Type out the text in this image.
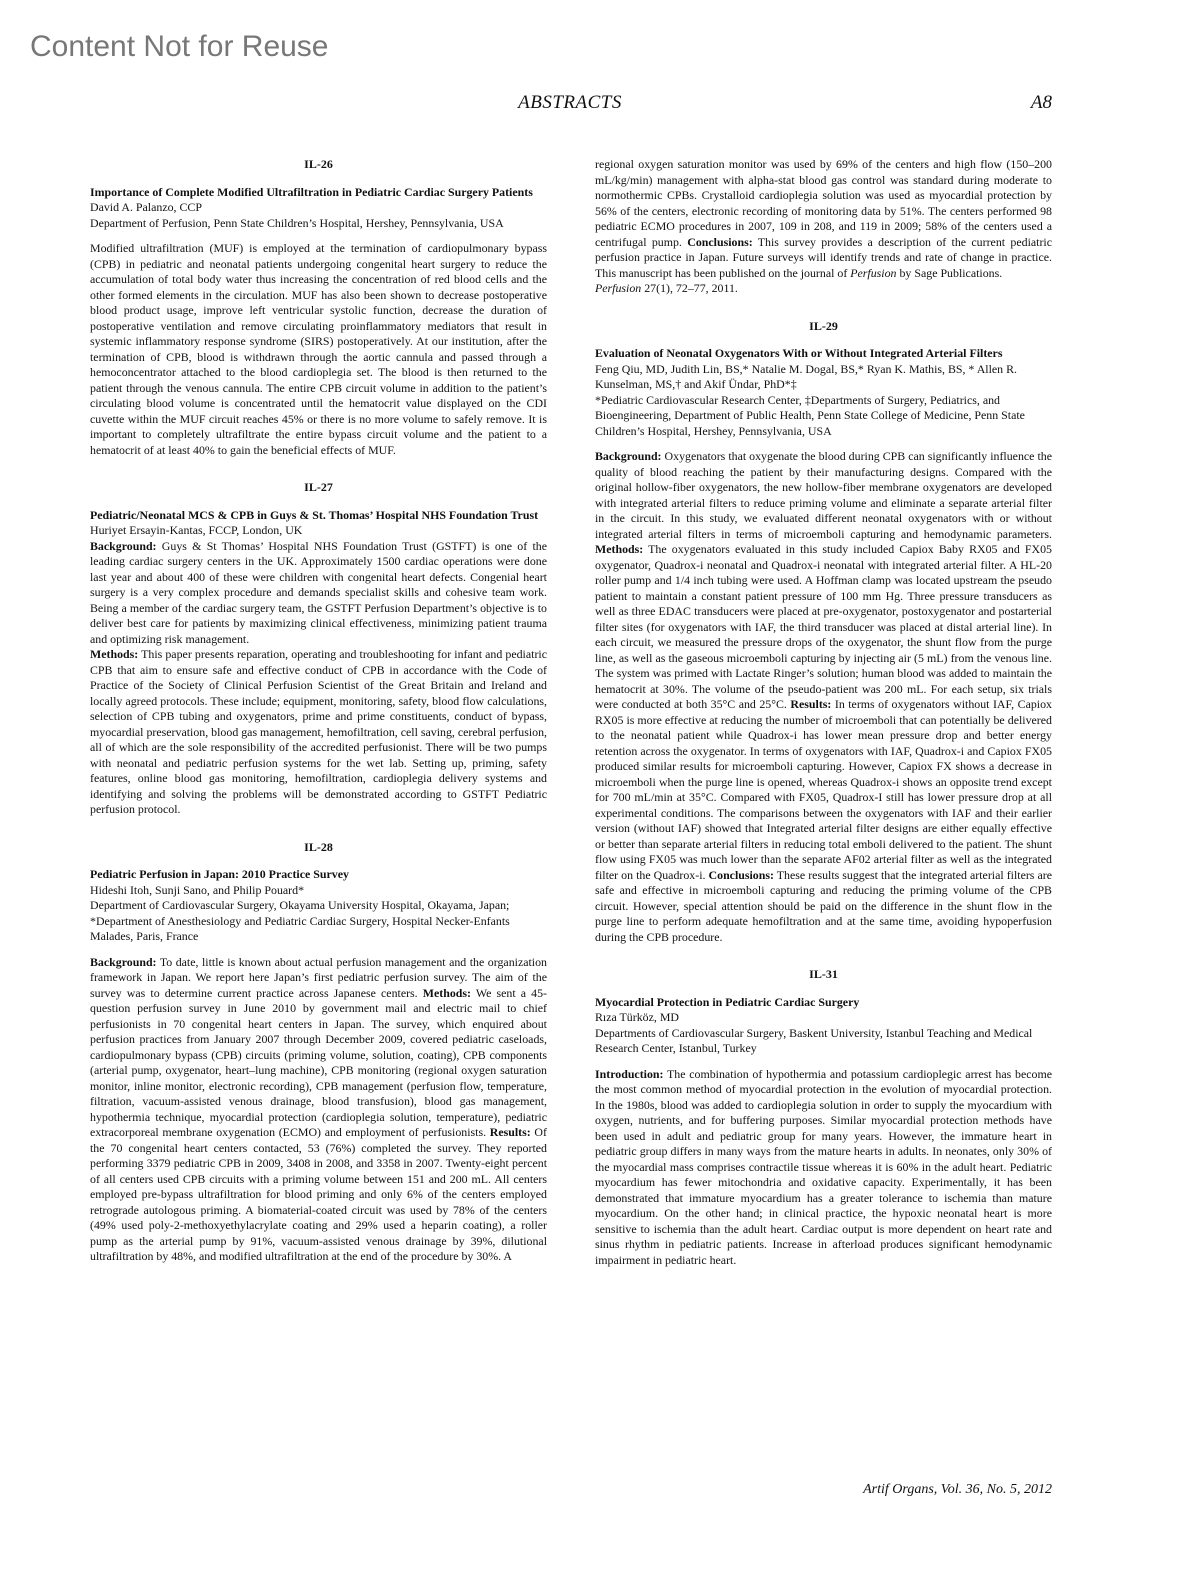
Content Not for Reuse
ABSTRACTS	A8

IL-26

Importance of Complete Modified Ultrafiltration in Pediatric Cardiac Surgery Patients

David A. Palanzo, CCP

Department of Perfusion, Penn State Children’s Hospital, Hershey, Pennsylvania, USA

Modified ultrafiltration (MUF) is employed at the termination of cardiopulmonary bypass (CPB) in pediatric and neonatal patients undergoing congenital heart surgery to reduce the accumulation of total body water thus increasing the concentration of red blood cells and the other formed elements in the circulation. MUF has also been shown to decrease postoperative blood product usage, improve left ventricular systolic function, decrease the duration of postoperative ventilation and remove circulating proinflammatory mediators that result in systemic inflammatory response syndrome (SIRS) postoperatively. At our institution, after the termination of CPB, blood is withdrawn through the aortic cannula and passed through a hemoconcentrator attached to the blood cardioplegia set. The blood is then returned to the patient through the venous cannula. The entire CPB circuit volume in addition to the patient’s circulating blood volume is concentrated until the hematocrit value displayed on the CDI cuvette within the MUF circuit reaches 45% or there is no more volume to safely remove. It is important to completely ultrafiltrate the entire bypass circuit volume and the patient to a hematocrit of at least 40% to gain the beneficial effects of MUF.

IL-27

Pediatric/Neonatal MCS & CPB in Guys & St. Thomas’ Hospital NHS Foundation Trust

Huriyet Ersayin-Kantas, FCCP, London, UK

Background: Guys & St Thomas’ Hospital NHS Foundation Trust (GSTFT) is one of the leading cardiac surgery centers in the UK. Approximately 1500 cardiac operations were done last year and about 400 of these were children with congenital heart defects. Congenial heart surgery is a very complex procedure and demands specialist skills and cohesive team work. Being a member of the cardiac surgery team, the GSTFT Perfusion Department’s objective is to deliver best care for patients by maximizing clinical effectiveness, minimizing patient trauma and optimizing risk management.

Methods: This paper presents reparation, operating and troubleshooting for infant and pediatric CPB that aim to ensure safe and effective conduct of CPB in accordance with the Code of Practice of the Society of Clinical Perfusion Scientist of the Great Britain and Ireland and locally agreed protocols. These include; equipment, monitoring, safety, blood flow calculations, selection of CPB tubing and oxygenators, prime and prime constituents, conduct of bypass, myocardial preservation, blood gas management, hemofiltration, cell saving, cerebral perfusion, all of which are the sole responsibility of the accredited perfusionist. There will be two pumps with neonatal and pediatric perfusion systems for the wet lab. Setting up, priming, safety features, online blood gas monitoring, hemofiltration, cardioplegia delivery systems and identifying and solving the problems will be demonstrated according to GSTFT Pediatric perfusion protocol.

IL-28

Pediatric Perfusion in Japan: 2010 Practice Survey

Hideshi Itoh, Sunji Sano, and Philip Pouard*

Department of Cardiovascular Surgery, Okayama University Hospital, Okayama, Japan; *Department of Anesthesiology and Pediatric Cardiac Surgery, Hospital Necker-Enfants Malades, Paris, France

Background: To date, little is known about actual perfusion management and the organization framework in Japan. We report here Japan’s first pediatric perfusion survey. The aim of the survey was to determine current practice across Japanese centers. Methods: We sent a 45-question perfusion survey in June 2010 by government mail and electric mail to chief perfusionists in 70 congenital heart centers in Japan. The survey, which enquired about perfusion practices from January 2007 through December 2009, covered pediatric caseloads, cardiopulmonary bypass (CPB) circuits (priming volume, solution, coating), CPB components (arterial pump, oxygenator, heart–lung machine), CPB monitoring (regional oxygen saturation monitor, inline monitor, electronic recording), CPB management (perfusion flow, temperature, filtration, vacuum-assisted venous drainage, blood transfusion), blood gas management, hypothermia technique, myocardial protection (cardioplegia solution, temperature), pediatric extracorporeal membrane oxygenation (ECMO) and employment of perfusionists. Results: Of the 70 congenital heart centers contacted, 53 (76%) completed the survey. They reported performing 3379 pediatric CPB in 2009, 3408 in 2008, and 3358 in 2007. Twenty-eight percent of all centers used CPB circuits with a priming volume between 151 and 200 mL. All centers employed pre-bypass ultrafiltration for blood priming and only 6% of the centers employed retrograde autologous priming. A biomaterial-coated circuit was used by 78% of the centers (49% used poly-2-methoxyethylacrylate coating and 29% used a heparin coating), a roller pump as the arterial pump by 91%, vacuum-assisted venous drainage by 39%, dilutional ultrafiltration by 48%, and modified ultrafiltration at the end of the procedure by 30%. A

regional oxygen saturation monitor was used by 69% of the centers and high flow (150–200 mL/kg/min) management with alpha-stat blood gas control was standard during moderate to normothermic CPBs. Crystalloid cardioplegia solution was used as myocardial protection by 56% of the centers, electronic recording of monitoring data by 51%. The centers performed 98 pediatric ECMO procedures in 2007, 109 in 208, and 119 in 2009; 58% of the centers used a centrifugal pump. Conclusions: This survey provides a description of the current pediatric perfusion practice in Japan. Future surveys will identify trends and rate of change in practice. This manuscript has been published on the journal of Perfusion by Sage Publications.

Perfusion 27(1), 72–77, 2011.

IL-29

Evaluation of Neonatal Oxygenators With or Without Integrated Arterial Filters

Feng Qiu, MD, Judith Lin, BS,* Natalie M. Dogal, BS,* Ryan K. Mathis, BS, * Allen R. Kunselman, MS,† and Akif Ündar, PhD*‡

*Pediatric Cardiovascular Research Center, ‡Departments of Surgery, Pediatrics, and Bioengineering, Department of Public Health, Penn State College of Medicine, Penn State Children’s Hospital, Hershey, Pennsylvania, USA

Background: Oxygenators that oxygenate the blood during CPB can significantly influence the quality of blood reaching the patient by their manufacturing designs. Compared with the original hollow-fiber oxygenators, the new hollow-fiber membrane oxygenators are developed with integrated arterial filters to reduce priming volume and eliminate a separate arterial filter in the circuit. In this study, we evaluated different neonatal oxygenators with or without integrated arterial filters in terms of microemboli capturing and hemodynamic parameters. Methods: The oxygenators evaluated in this study included Capiox Baby RX05 and FX05 oxygenator, Quadrox-i neonatal and Quadrox-i neonatal with integrated arterial filter. A HL-20 roller pump and 1/4 inch tubing were used. A Hoffman clamp was located upstream the pseudo patient to maintain a constant patient pressure of 100 mm Hg. Three pressure transducers as well as three EDAC transducers were placed at pre-oxygenator, postoxygenator and postarterial filter sites (for oxygenators with IAF, the third transducer was placed at distal arterial line). In each circuit, we measured the pressure drops of the oxygenator, the shunt flow from the purge line, as well as the gaseous microemboli capturing by injecting air (5 mL) from the venous line. The system was primed with Lactate Ringer’s solution; human blood was added to maintain the hematocrit at 30%. The volume of the pseudo-patient was 200 mL. For each setup, six trials were conducted at both 35°C and 25°C. Results: In terms of oxygenators without IAF, Capiox RX05 is more effective at reducing the number of microemboli that can potentially be delivered to the neonatal patient while Quadrox-i has lower mean pressure drop and better energy retention across the oxygenator. In terms of oxygenators with IAF, Quadrox-i and Capiox FX05 produced similar results for microemboli capturing. However, Capiox FX shows a decrease in microemboli when the purge line is opened, whereas Quadrox-i shows an opposite trend except for 700 mL/min at 35°C. Compared with FX05, Quadrox-I still has lower pressure drop at all experimental conditions. The comparisons between the oxygenators with IAF and their earlier version (without IAF) showed that Integrated arterial filter designs are either equally effective or better than separate arterial filters in reducing total emboli delivered to the patient. The shunt flow using FX05 was much lower than the separate AF02 arterial filter as well as the integrated filter on the Quadrox-i. Conclusions: These results suggest that the integrated arterial filters are safe and effective in microemboli capturing and reducing the priming volume of the CPB circuit. However, special attention should be paid on the difference in the shunt flow in the purge line to perform adequate hemofiltration and at the same time, avoiding hypoperfusion during the CPB procedure.

IL-31

Myocardial Protection in Pediatric Cardiac Surgery

Rıza Türköz, MD

Departments of Cardiovascular Surgery, Baskent University, Istanbul Teaching and Medical Research Center, Istanbul, Turkey

Introduction: The combination of hypothermia and potassium cardioplegic arrest has become the most common method of myocardial protection in the evolution of myocardial protection. In the 1980s, blood was added to cardioplegia solution in order to supply the myocardium with oxygen, nutrients, and for buffering purposes. Similar myocardial protection methods have been used in adult and pediatric group for many years. However, the immature heart in pediatric group differs in many ways from the mature hearts in adults. In neonates, only 30% of the myocardial mass comprises contractile tissue whereas it is 60% in the adult heart. Pediatric myocardium has fewer mitochondria and oxidative capacity. Experimentally, it has been demonstrated that immature myocardium has a greater tolerance to ischemia than mature myocardium. On the other hand; in clinical practice, the hypoxic neonatal heart is more sensitive to ischemia than the adult heart. Cardiac output is more dependent on heart rate and sinus rhythm in pediatric patients. Increase in afterload produces significant hemodynamic impairment in pediatric heart.

Artif Organs, Vol. 36, No. 5, 2012
